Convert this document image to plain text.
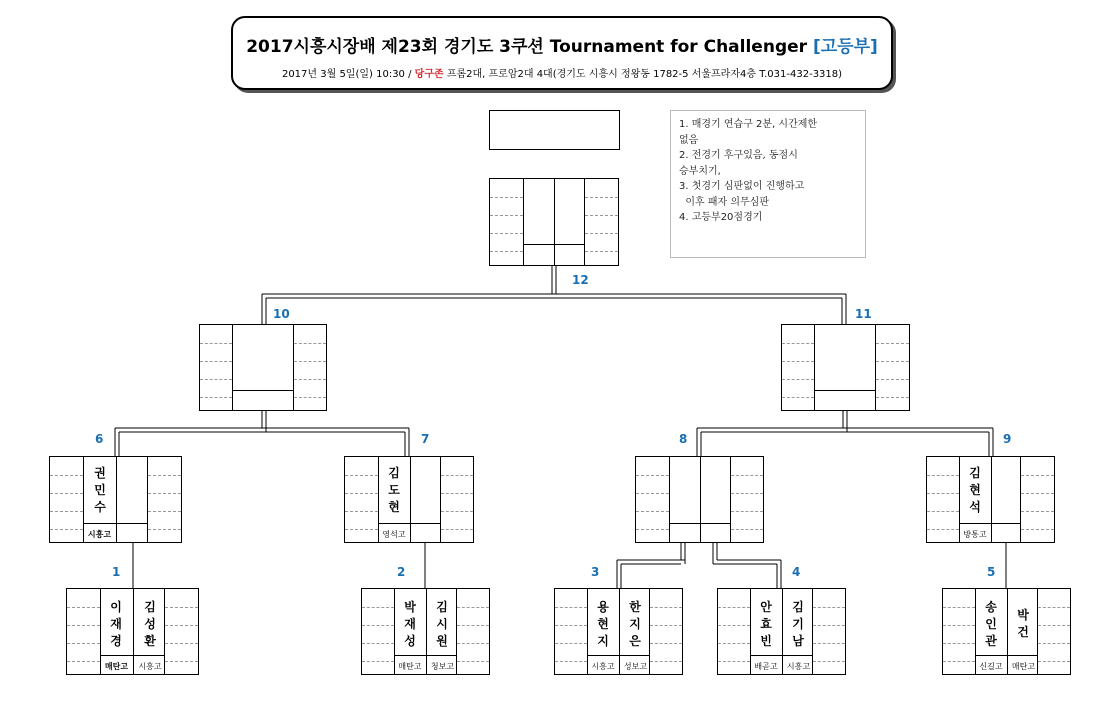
2017시흥시장배 제23회 경기도 3쿠션 Tournament for Challenger [고등부]
2017년 3월 5일(일) 10:30 / 당구존 프롬2대, 프로암2대 4대(경기도 시흥시 정왕동 1782-5 서울프라자4층 T.031-432-3318)
1. 매경기 연습구 2분, 시간제한
없음
2. 전경기 후구있음, 동점시
승부치기,
3. 첫경기 심판없이 진행하고
이후 패자 의무심판
4. 고등부20점경기
권민수
시흥고
김도현
영석고
김현석
방통고
이재경
김성환
매탄고	시흥고
박재성
김시원
매탄고	청보고
용현지
한지은
시흥고	성보고
안효빈
김기남
배곧고	시흥고
송인관
박건
신길고	매탄고
1	2	3	4	5
6	7	8	9
10	11
12
